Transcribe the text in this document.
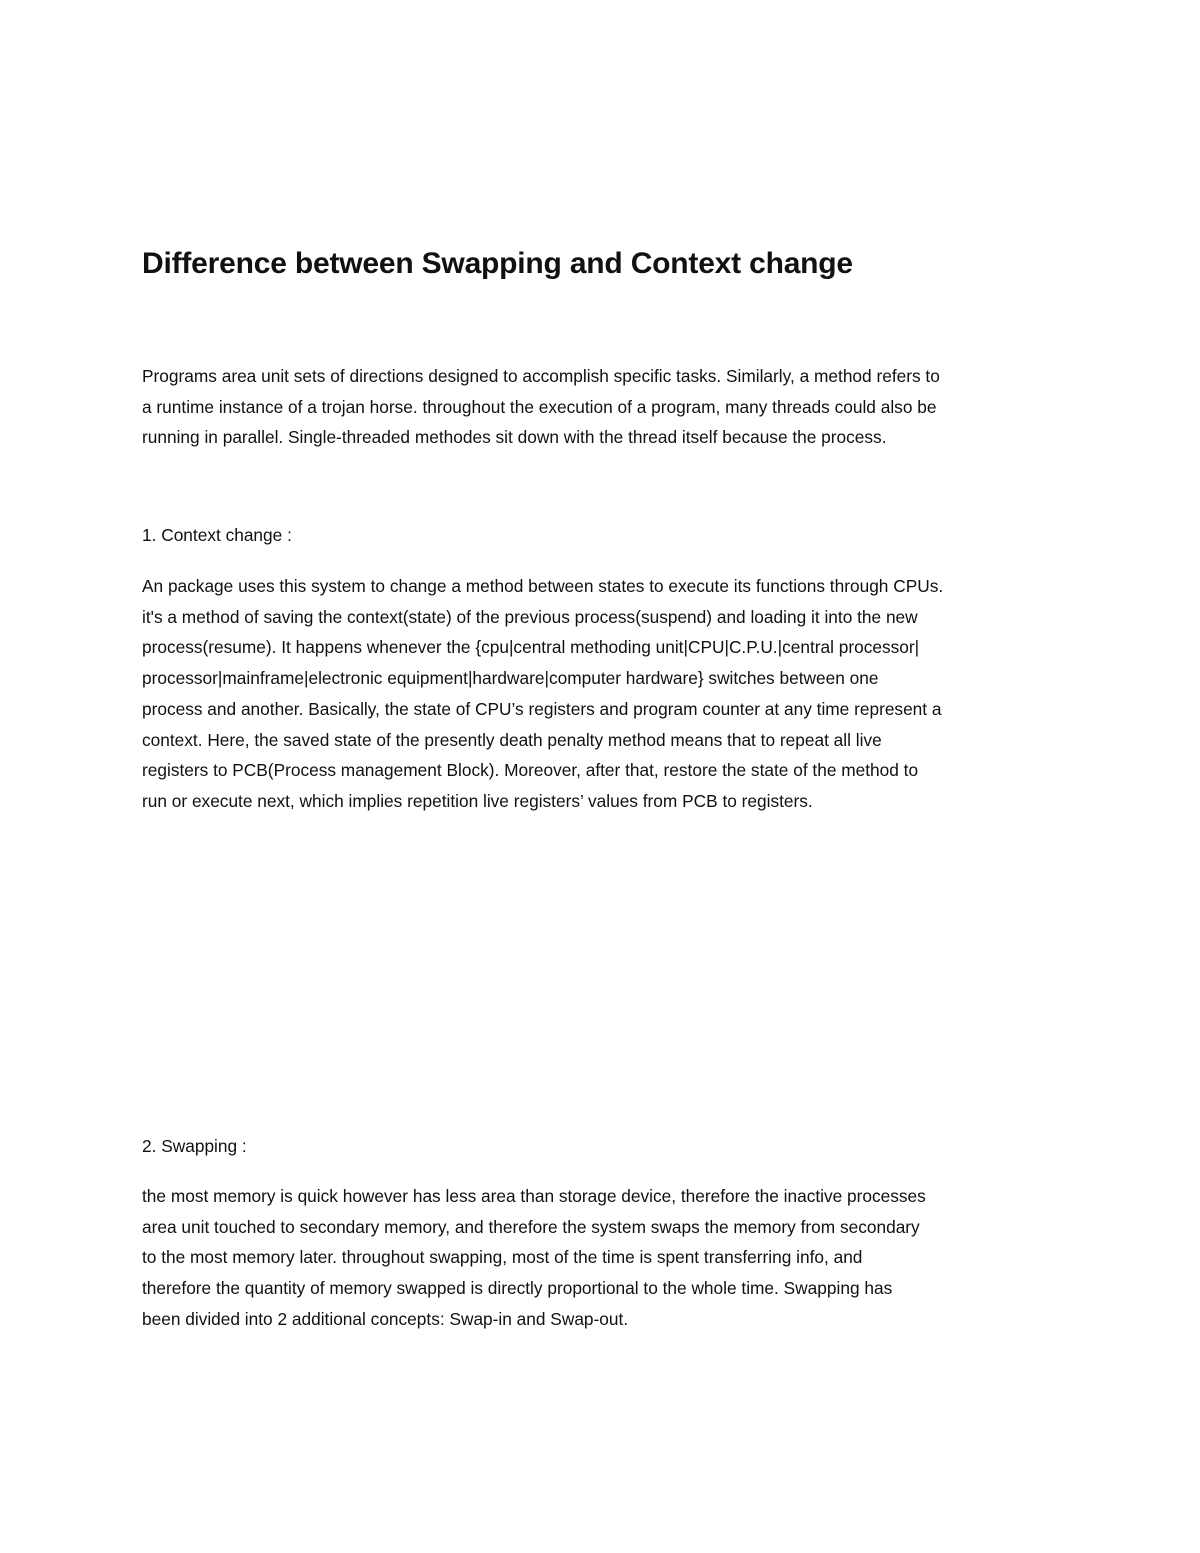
Difference between Swapping and Context change

Programs area unit sets of directions designed to accomplish specific tasks. Similarly, a method refers to
a runtime instance of a trojan horse. throughout the execution of a program, many threads could also be
running in parallel. Single-threaded methodes sit down with the thread itself because the process.

1. Context change :

An package uses this system to change a method between states to execute its functions through CPUs.
it's a method of saving the context(state) of the previous process(suspend) and loading it into the new
process(resume). It happens whenever the {cpu|central methoding unit|CPU|C.P.U.|central processor|
processor|mainframe|electronic equipment|hardware|computer hardware} switches between one
process and another. Basically, the state of CPU’s registers and program counter at any time represent a
context. Here, the saved state of the presently death penalty method means that to repeat all live
registers to PCB(Process management Block). Moreover, after that, restore the state of the method to
run or execute next, which implies repetition live registers’ values from PCB to registers.

2. Swapping :

the most memory is quick however has less area than storage device, therefore the inactive processes
area unit touched to secondary memory, and therefore the system swaps the memory from secondary
to the most memory later. throughout swapping, most of the time is spent transferring info, and
therefore the quantity of memory swapped is directly proportional to the whole time. Swapping has
been divided into 2 additional concepts: Swap-in and Swap-out.
